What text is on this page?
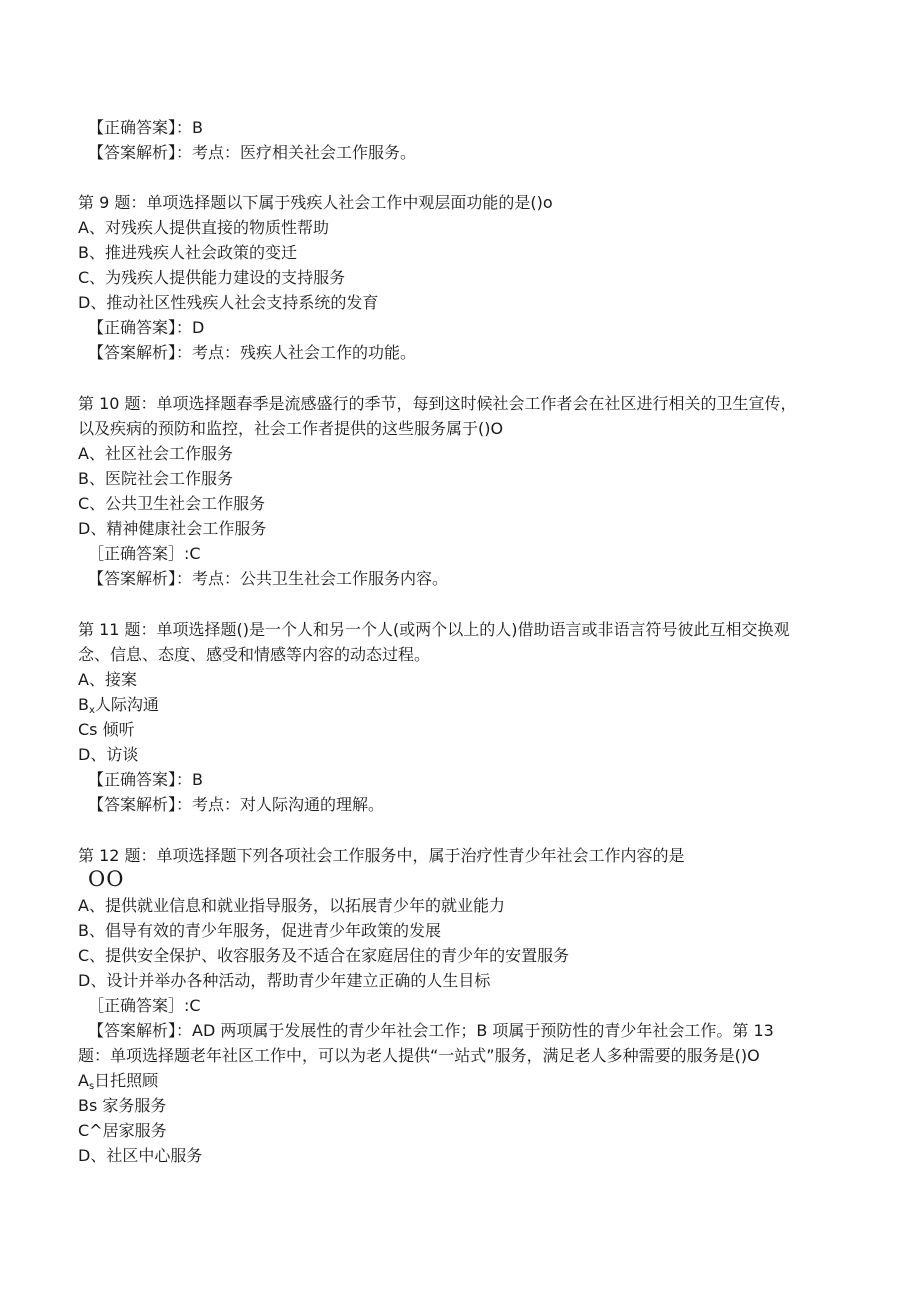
【正确答案】：B
【答案解析】：考点：医疗相关社会工作服务。
第 9 题：单项选择题以下属于残疾人社会工作中观层面功能的是()o
A、对残疾人提供直接的物质性帮助
B、推进残疾人社会政策的变迁
C、为残疾人提供能力建设的支持服务
D、推动社区性残疾人社会支持系统的发育
【正确答案】：D
【答案解析】：考点：残疾人社会工作的功能。
第 10 题：单项选择题春季是流感盛行的季节，每到这时候社会工作者会在社区进行相关的卫生宣传，
以及疾病的预防和监控，社会工作者提供的这些服务属于()O
A、社区社会工作服务
B、医院社会工作服务
C、公共卫生社会工作服务
D、精神健康社会工作服务
［正确答案］:C
【答案解析】：考点：公共卫生社会工作服务内容。
第 11 题：单项选择题()是一个人和另一个人(或两个以上的人)借助语言或非语言符号彼此互相交换观
念、信息、态度、感受和情感等内容的动态过程。
A、接案
$B_x$人际沟通
Cs 倾听
D、访谈
【正确答案】：B
【答案解析】：考点：对人际沟通的理解。
第 12 题：单项选择题下列各项社会工作服务中，属于治疗性青少年社会工作内容的是
OO
A、提供就业信息和就业指导服务，以拓展青少年的就业能力
B、倡导有效的青少年服务，促进青少年政策的发展
C、提供安全保护、收容服务及不适合在家庭居住的青少年的安置服务
D、设计并举办各种活动，帮助青少年建立正确的人生目标
［正确答案］:C
【答案解析】：AD 两项属于发展性的青少年社会工作；B 项属于预防性的青少年社会工作。第 13
题：单项选择题老年社区工作中，可以为老人提供“一站式”服务，满足老人多种需要的服务是()O
$A_s$日托照顾
Bs 家务服务
C^居家服务
D、社区中心服务
